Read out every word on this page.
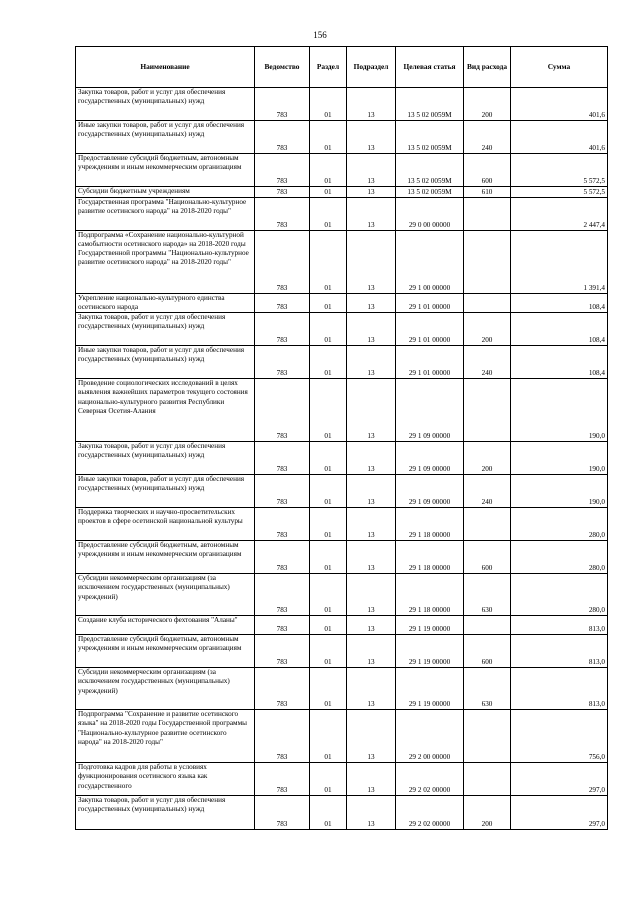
156
Наименование	Ведомство	Раздел	Подраздел	Целевая статья	Вид расхода	Сумма
Закупка товаров, работ и услуг для обеспечения государственных (муниципальных) нужд	783	01	13	13 5 02 0059М	200	401,6
Иные закупки товаров, работ и услуг для обеспечения государственных (муниципальных) нужд	783	01	13	13 5 02 0059М	240	401,6
Предоставление субсидий бюджетным, автономным учреждениям и иным некоммерческим организациям	783	01	13	13 5 02 0059М	600	5 572,5
Субсидии бюджетным учреждениям	783	01	13	13 5 02 0059М	610	5 572,5
Государственная программа "Национально-культурное развитие осетинского народа" на 2018-2020 годы"	783	01	13	29 0 00 00000		2 447,4
Подпрограмма «Сохранение национально-культурной самобытности осетинского народа» на 2018-2020 годы Государственной программы "Национально-культурное развитие осетинского народа" на 2018-2020 годы"	783	01	13	29 1 00 00000		1 391,4
Укрепление национально-культурного единства осетинского народа	783	01	13	29 1 01 00000		108,4
Закупка товаров, работ и услуг для обеспечения государственных (муниципальных) нужд	783	01	13	29 1 01 00000	200	108,4
Иные закупки товаров, работ и услуг для обеспечения государственных (муниципальных) нужд	783	01	13	29 1 01 00000	240	108,4
Проведение социологических исследований в целях выявления важнейших параметров текущего состояния национально-культурного развития Республики Северная Осетия-Алания	783	01	13	29 1 09 00000		190,0
Закупка товаров, работ и услуг для обеспечения государственных (муниципальных) нужд	783	01	13	29 1 09 00000	200	190,0
Иные закупки товаров, работ и услуг для обеспечения государственных (муниципальных) нужд	783	01	13	29 1 09 00000	240	190,0
Поддержка творческих и научно-просветительских проектов в сфере осетинской национальной культуры	783	01	13	29 1 18 00000		280,0
Предоставление субсидий бюджетным, автономным учреждениям и иным некоммерческим организациям	783	01	13	29 1 18 00000	600	280,0
Субсидии некоммерческим организациям (за исключением государственных (муниципальных) учреждений)	783	01	13	29 1 18 00000	630	280,0
Создание клуба исторического фехтования "Аланы"	783	01	13	29 1 19 00000		813,0
Предоставление субсидий бюджетным, автономным учреждениям и иным некоммерческим организациям	783	01	13	29 1 19 00000	600	813,0
Субсидии некоммерческим организациям (за исключением государственных (муниципальных) учреждений)	783	01	13	29 1 19 00000	630	813,0
Подпрограмма "Сохранение и развитие осетинского языка" на 2018-2020 годы Государственной программы "Национально-культурное развитие осетинского народа" на 2018-2020 годы"	783	01	13	29 2 00 00000		756,0
Подготовка кадров для работы в условиях функционирования осетинского языка как государственного	783	01	13	29 2 02 00000		297,0
Закупка товаров, работ и услуг для обеспечения государственных (муниципальных) нужд	783	01	13	29 2 02 00000	200	297,0
